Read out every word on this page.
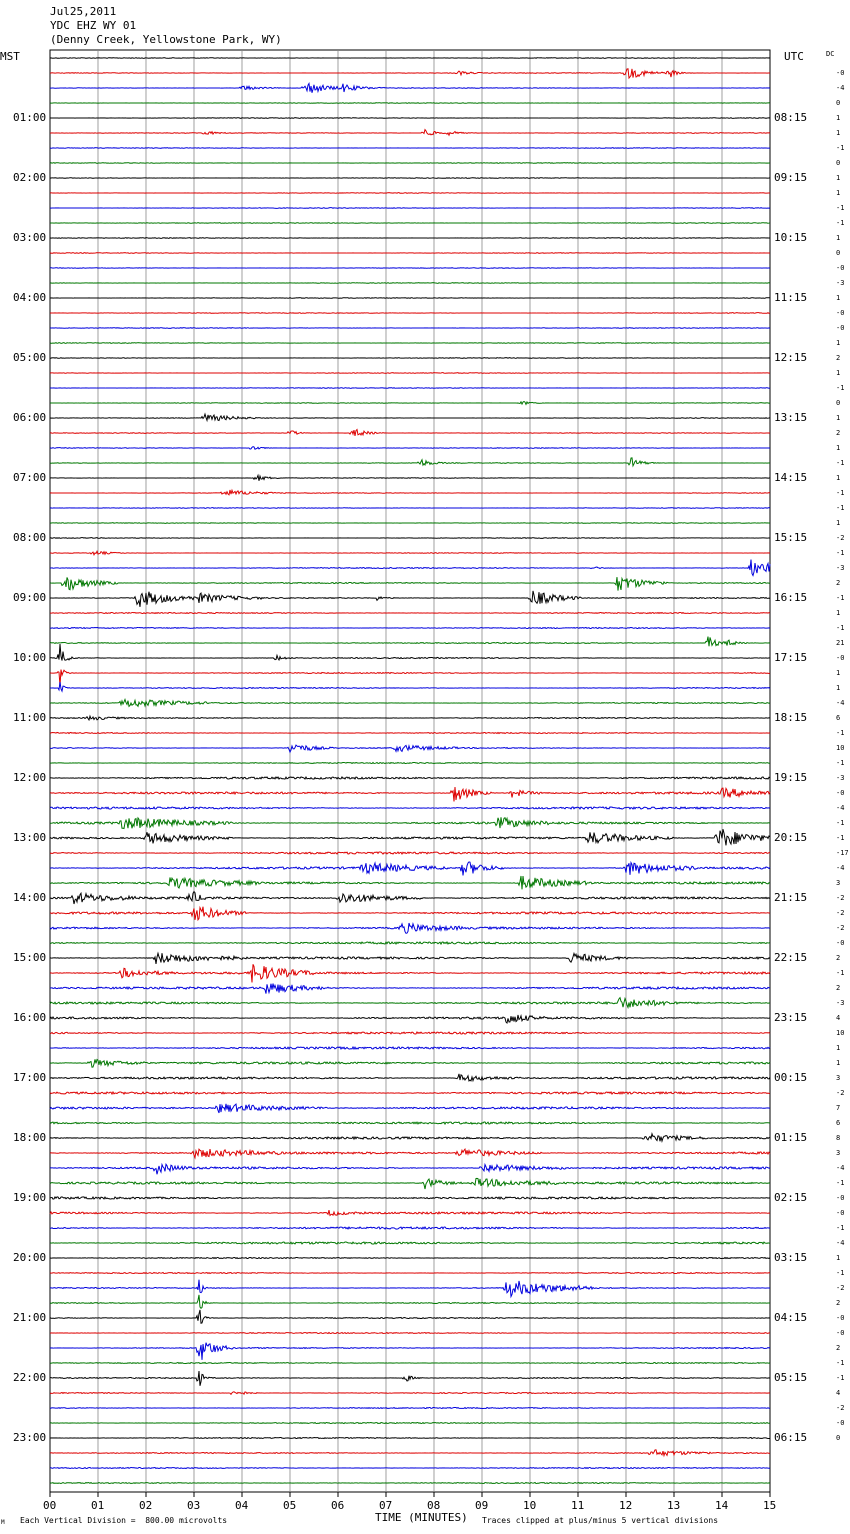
Jul25,2011
YDC EHZ WY 01
(Denny Creek, Yellowstone Park, WY)
MST	UTC	DC
01:00
02:00
03:00
04:00
05:00
06:00
07:00
08:00
09:00
10:00
11:00
12:00
13:00
14:00
15:00
16:00
17:00
18:00
19:00
20:00
21:00
22:00
23:00
08:15
09:15
10:15
11:15
12:15
13:15
14:15
15:15
16:15
17:15
18:15
19:15
20:15
21:15
22:15
23:15
00:15
01:15
02:15
03:15
04:15
05:15
06:15
-0
-4
0
1
1
-1
0
1
1
-1
-1
1
0
-0
-3
1
-0
-0
1
2
1
-1
0
1
2
1
-1
1
-1
-1
1
-2
-1
-3
2
-1
1
-1
21
-0
1
1
-4
6
-1
10
-1
-3
-0
-4
-1
-1
-17
-4
3
-2
-2
-2
-0
2
-1
2
-3
4
10
1
1
3
-2
7
6
8
3
-4
-1
-0
-0
-1
-4
1
-1
-2
2
-0
-0
2
-1
-1
4
-2
-0
0
00	01	02	03	04	05	06	07	08	09	10	11	12	13	14	15
TIME (MINUTES)
Each Vertical Division =  800.00 microvolts	Traces clipped at plus/minus 5 vertical divisions
M
